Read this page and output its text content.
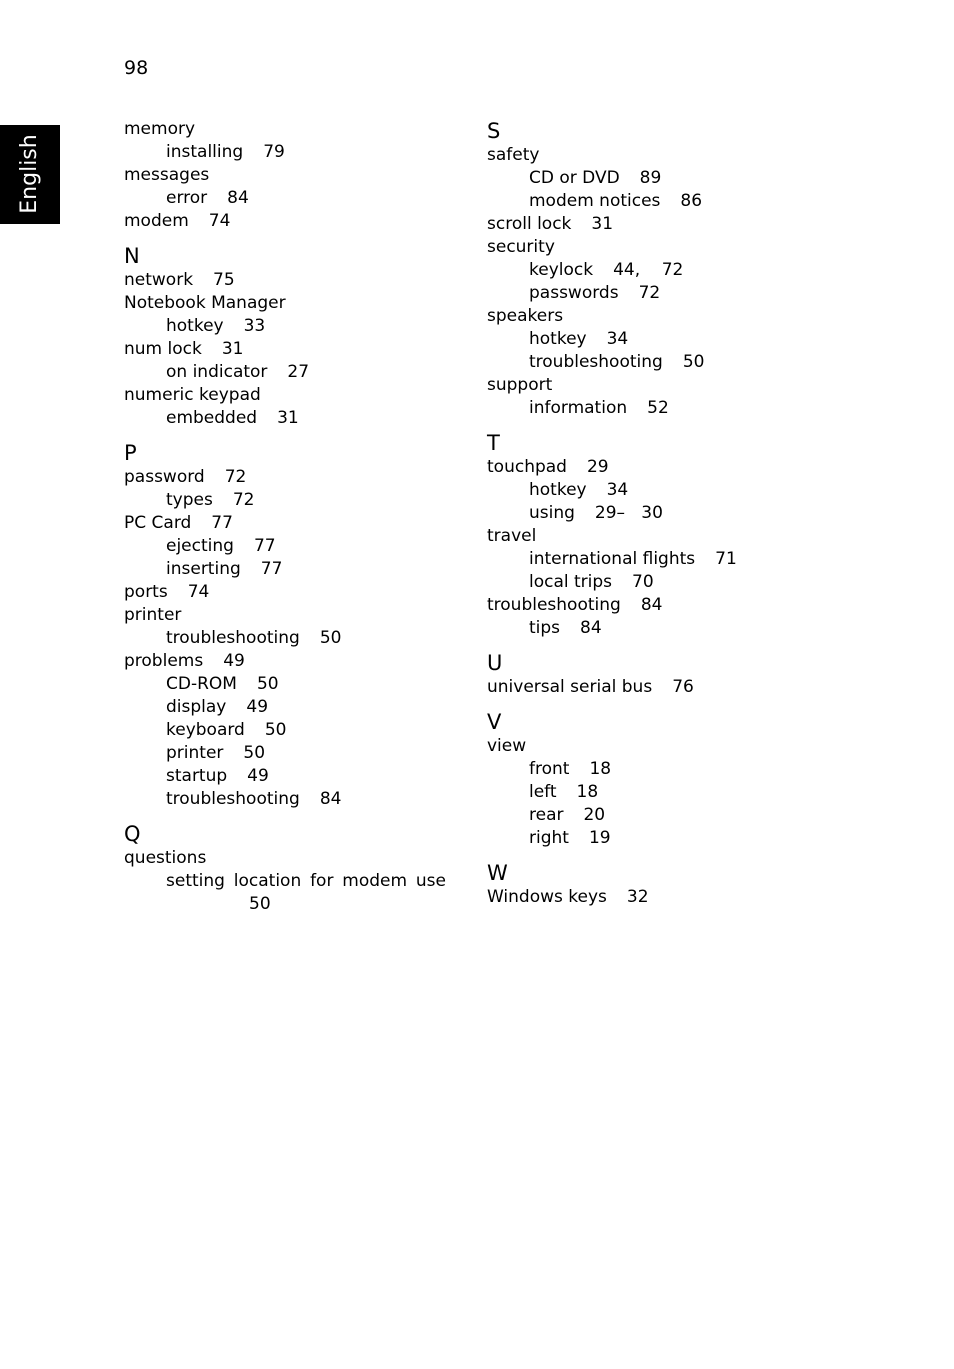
98
English
memory
installing 79
messages
error 84
modem 74
N
network 75
Notebook Manager
hotkey 33
num lock 31
on indicator 27
numeric keypad
embedded 31
P
password 72
types 72
PC Card 77
ejecting 77
inserting 77
ports 74
printer
troubleshooting 50
problems 49
CD-ROM 50
display 49
keyboard 50
printer 50
startup 49
troubleshooting 84
Q
questions
setting location for modem use
50
S
safety
CD or DVD 89
modem notices 86
scroll lock 31
security
keylock 44,    72
passwords 72
speakers
hotkey 34
troubleshooting 50
support
information 52
T
touchpad 29
hotkey 34
using 29–   30
travel
international flights 71
local trips 70
troubleshooting 84
tips 84
U
universal serial bus 76
V
view
front 18
left 18
rear 20
right 19
W
Windows keys 32
